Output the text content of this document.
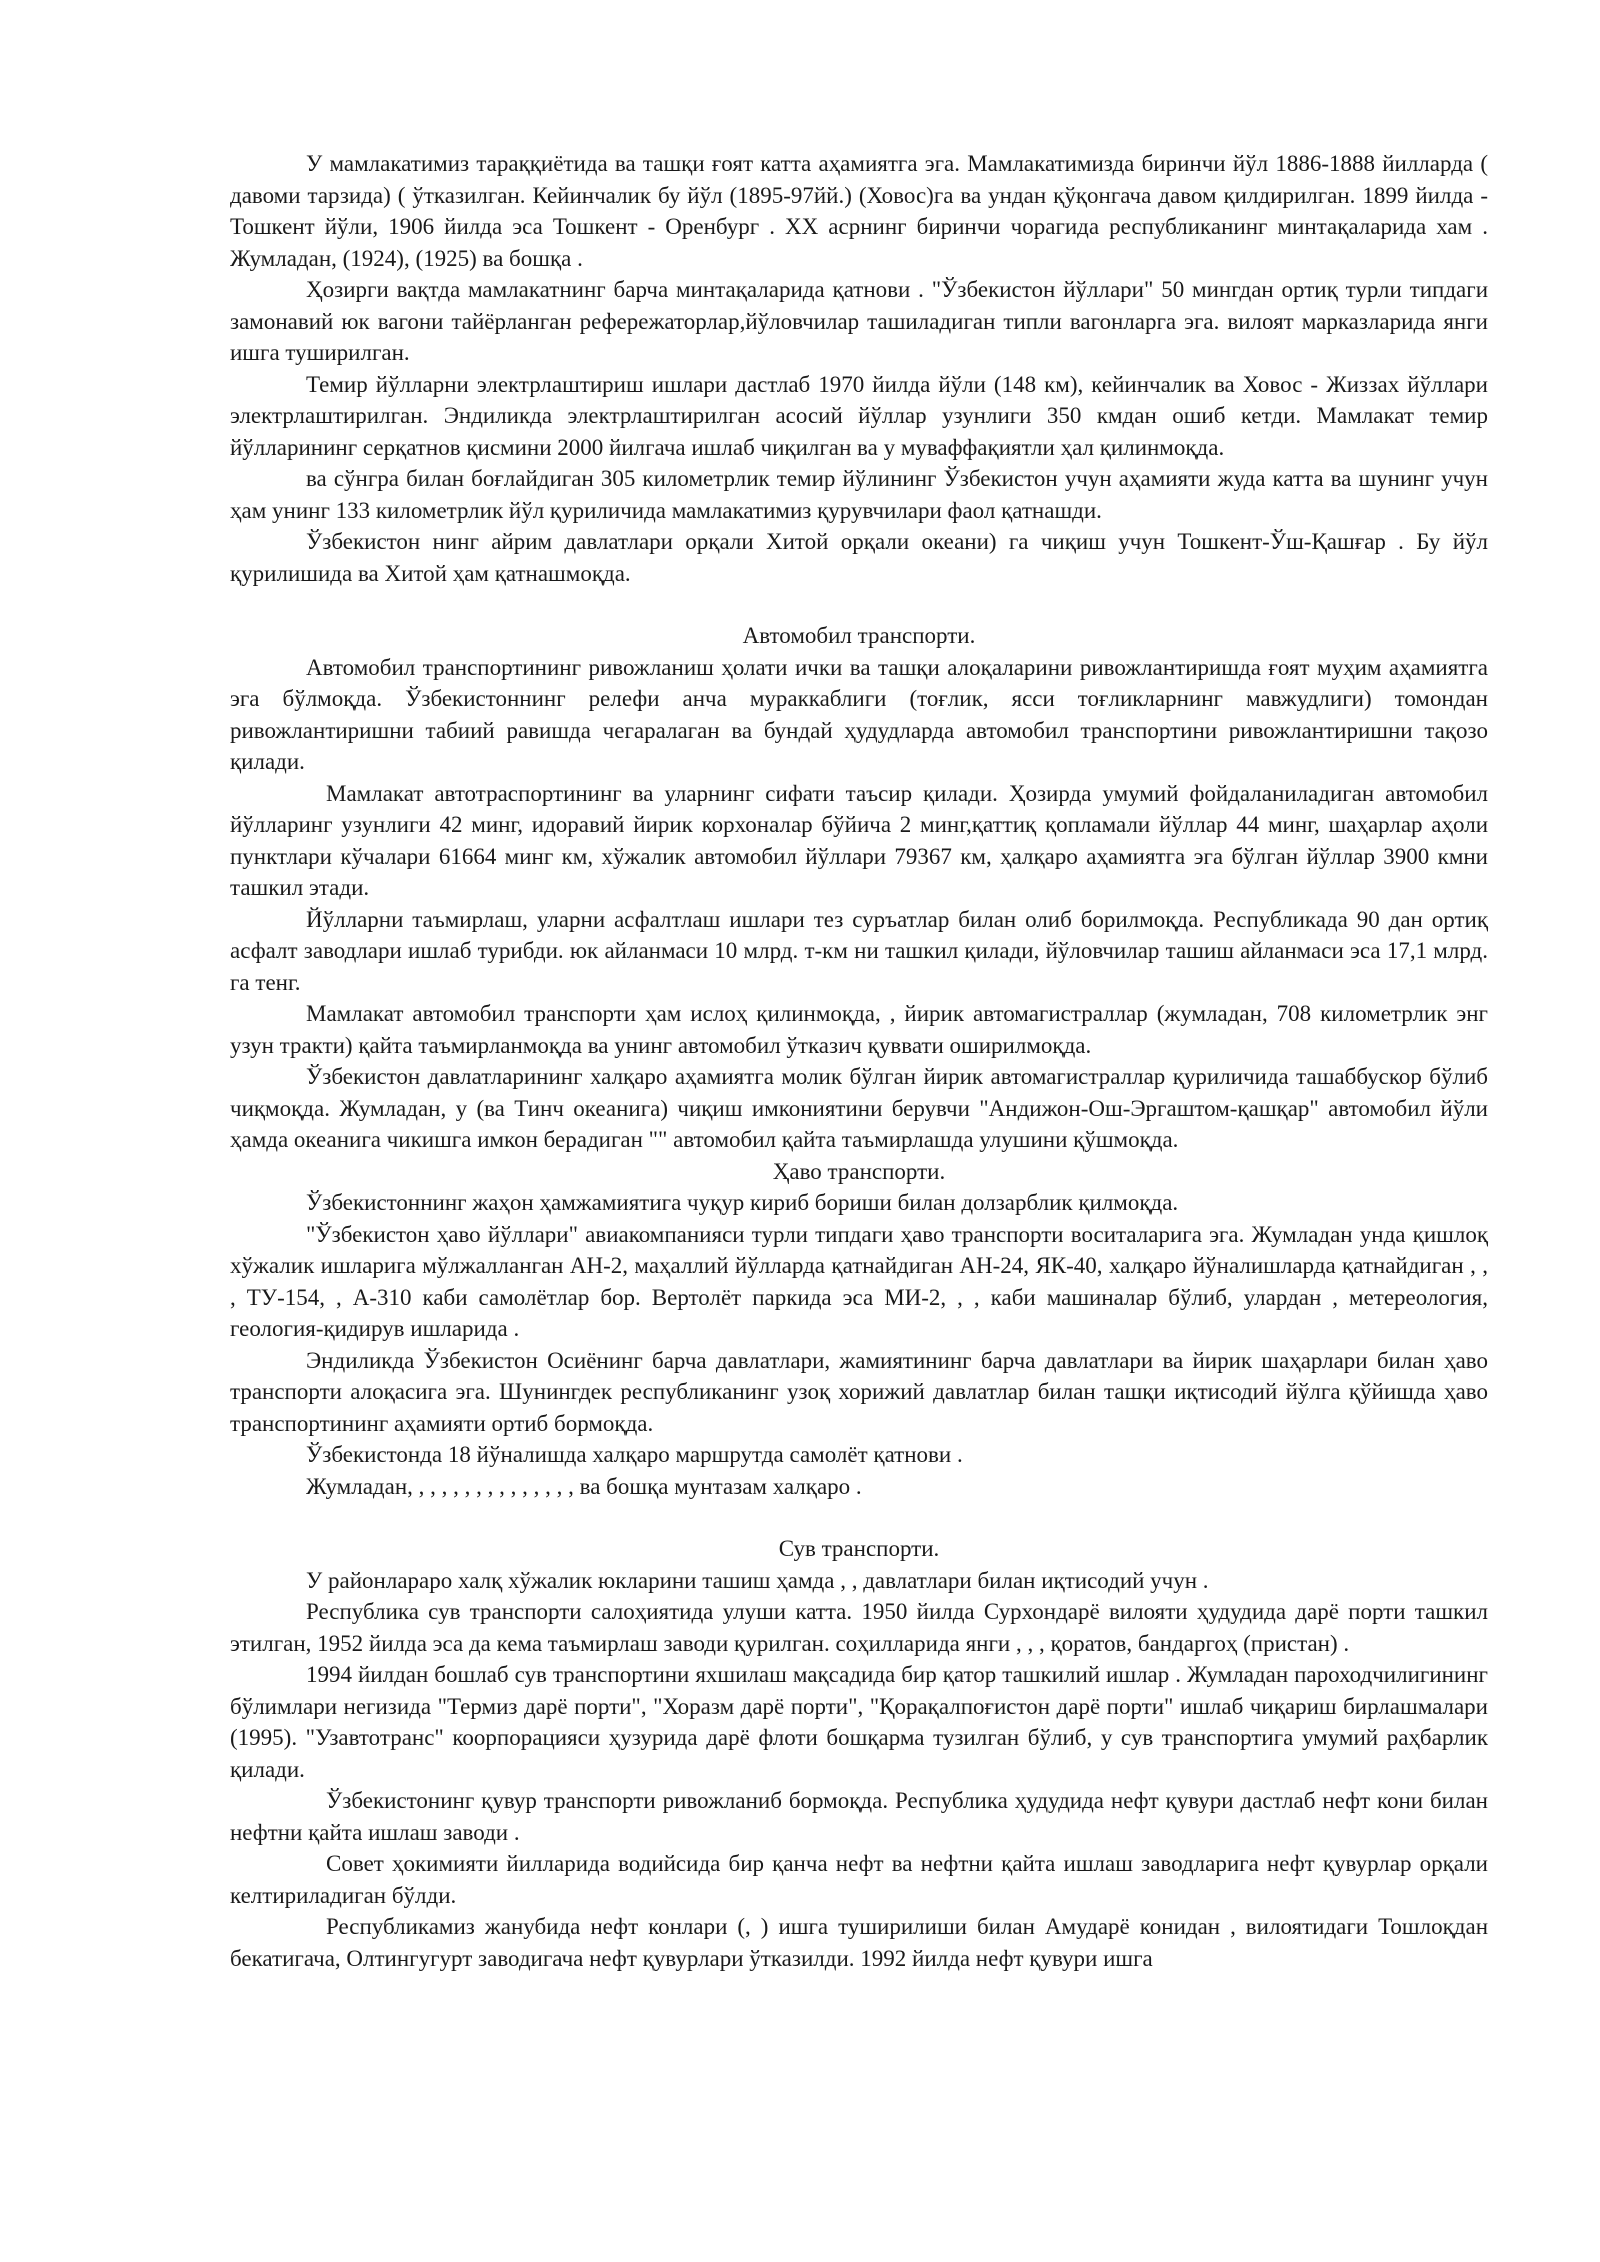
У мамлакатимиз тараққиётида ва ташқи ғоят катта аҳамиятга эга. Мамлакатимизда биринчи йўл 1886-1888 йилларда ( давоми тарзида) ( ўтказилган. Кейинчалик бу йўл (1895-97йй.) (Ховос)га ва ундан қўқонгача давом қилдирилган. 1899 йилда - Тошкент йўли, 1906 йилда эса Тошкент - Оренбург . XX асрнинг биринчи чорагида республиканинг минтақаларида хам . Жумладан, (1924), (1925) ва бошқа .

Ҳозирги вақтда мамлакатнинг барча минтақаларида қатнови . "Ўзбекистон йўллари" 50 мингдан ортиқ турли типдаги замонавий юк вагони тайёрланган рефережаторлар,йўловчилар ташиладиган типли вагонларга эга. вилоят марказларида янги ишга туширилган.

Темир йўлларни электрлаштириш ишлари дастлаб 1970 йилда йўли (148 км), кейинчалик ва Ховос - Жиззах йўллари электрлаштирилган. Эндиликда электрлаштирилган асосий йўллар узунлиги 350 кмдан ошиб кетди. Мамлакат темир йўлларининг серқатнов қисмини 2000 йилгача ишлаб чиқилган ва у муваффақиятли ҳал қилинмоқда.

ва сўнгра билан боғлайдиган 305 километрлик темир йўлининг Ўзбекистон учун аҳамияти жуда катта ва шунинг учун ҳам унинг 133 километрлик йўл қуриличида мамлакатимиз қурувчилари фаол қатнашди.

Ўзбекистон нинг айрим давлатлари орқали Хитой орқали океани) га чиқиш учун Тошкент-Ўш-Қашғар . Бу йўл қурилишида ва Хитой ҳам қатнашмоқда.

Автомобил транспорти.

Автомобил транспортининг ривожланиш ҳолати ички ва ташқи алоқаларини ривожлантиришда ғоят муҳим аҳамиятга эга бўлмоқда. Ўзбекистоннинг релефи анча мураккаблиги (тоғлик, ясси тоғликларнинг мавжудлиги) томондан ривожлантиришни табиий равишда чегаралаган ва бундай ҳудудларда автомобил транспортини ривожлантиришни тақозо қилади.

Мамлакат автотраспортининг ва уларнинг сифати таъсир қилади. Ҳозирда умумий фойдаланиладиган автомобил йўлларинг узунлиги 42 минг, идоравий йирик корхоналар бўйича 2 минг,қаттиқ қопламали йўллар 44 минг, шаҳарлар аҳоли пунктлари кўчалари 61664 минг км, хўжалик автомобил йўллари 79367 км, ҳалқаро аҳамиятга эга бўлган йўллар 3900 кмни ташкил этади.

Йўлларни таъмирлаш, уларни асфалтлаш ишлари тез суръатлар билан олиб борилмоқда. Республикада 90 дан ортиқ асфалт заводлари ишлаб турибди. юк айланмаси 10 млрд. т-км ни ташкил қилади, йўловчилар ташиш айланмаси эса 17,1 млрд. га тенг.

Мамлакат автомобил транспорти ҳам ислоҳ қилинмоқда, , йирик автомагистраллар (жумладан, 708 километрлик энг узун тракти) қайта таъмирланмоқда ва унинг автомобил ўтказич қуввати оширилмоқда.

Ўзбекистон давлатларининг халқаро аҳамиятга молик бўлган йирик автомагистраллар қуриличида ташаббускор бўлиб чиқмоқда. Жумладан, у (ва Тинч океанига) чиқиш имкониятини берувчи "Андижон-Ош-Эргаштом-қашқар" автомобил йўли ҳамда океанига чикишга имкон берадиган "" автомобил қайта таъмирлашда улушини қўшмоқда.

Ҳаво транспорти.

Ўзбекистоннинг жаҳон ҳамжамиятига чуқур кириб бориши билан долзарблик қилмоқда.

"Ўзбекистон ҳаво йўллари" авиакомпанияси турли типдаги ҳаво транспорти воситаларига эга. Жумладан унда қишлоқ хўжалик ишларига мўлжалланган АН-2, маҳаллий йўлларда қатнайдиган АН-24, ЯК-40, халқаро йўналишларда қатнайдиган , , , ТУ-154, , А-310 каби самолётлар бор. Вертолёт паркида эса МИ-2, , , каби машиналар бўлиб, улардан , метереология, геология-қидирув ишларида .

Эндиликда Ўзбекистон Осиёнинг барча давлатлари, жамиятининг барча давлатлари ва йирик шаҳарлари билан ҳаво транспорти алоқасига эга. Шунингдек республиканинг узоқ хорижий давлатлар билан ташқи иқтисодий йўлга қўйишда ҳаво транспортининг аҳамияти ортиб бормоқда.

Ўзбекистонда 18 йўналишда халқаро маршрутда самолёт қатнови .

Жумладан, , , , , , , , , , , , , , , ва бошқа мунтазам халқаро .

Сув транспорти.

У районлараро халқ хўжалик юкларини ташиш ҳамда , , давлатлари билан иқтисодий учун .

Республика сув транспорти салоҳиятида улуши катта. 1950 йилда Сурхондарё вилояти ҳудудида дарё порти ташкил этилган, 1952 йилда эса да кема таъмирлаш заводи қурилган. соҳилларида янги , , , қоратов, бандаргоҳ (пристан) .

1994 йилдан бошлаб сув транспортини яхшилаш мақсадида бир қатор ташкилий ишлар . Жумладан пароходчилигининг бўлимлари негизида "Термиз дарё порти", "Хоразм дарё порти", "Қорақалпоғистон дарё порти" ишлаб чиқариш бирлашмалари (1995). "Узавтотранс" коорпорацияси ҳузурида дарё флоти бошқарма тузилган бўлиб, у сув транспортига умумий раҳбарлик қилади.

Ўзбекистонинг қувур транспорти ривожланиб бормоқда. Республика ҳудудида нефт қувури дастлаб нефт кони билан нефтни қайта ишлаш заводи .

Совет ҳокимияти йилларида водийсида бир қанча нефт ва нефтни қайта ишлаш заводларига нефт қувурлар орқали келтириладиган бўлди.

Республикамиз жанубида нефт конлари (, ) ишга туширилиши билан Амударё конидан , вилоятидаги Тошлоқдан бекатигача, Олтингугурт заводигача нефт қувурлари ўтказилди. 1992 йилда нефт қувури ишга
